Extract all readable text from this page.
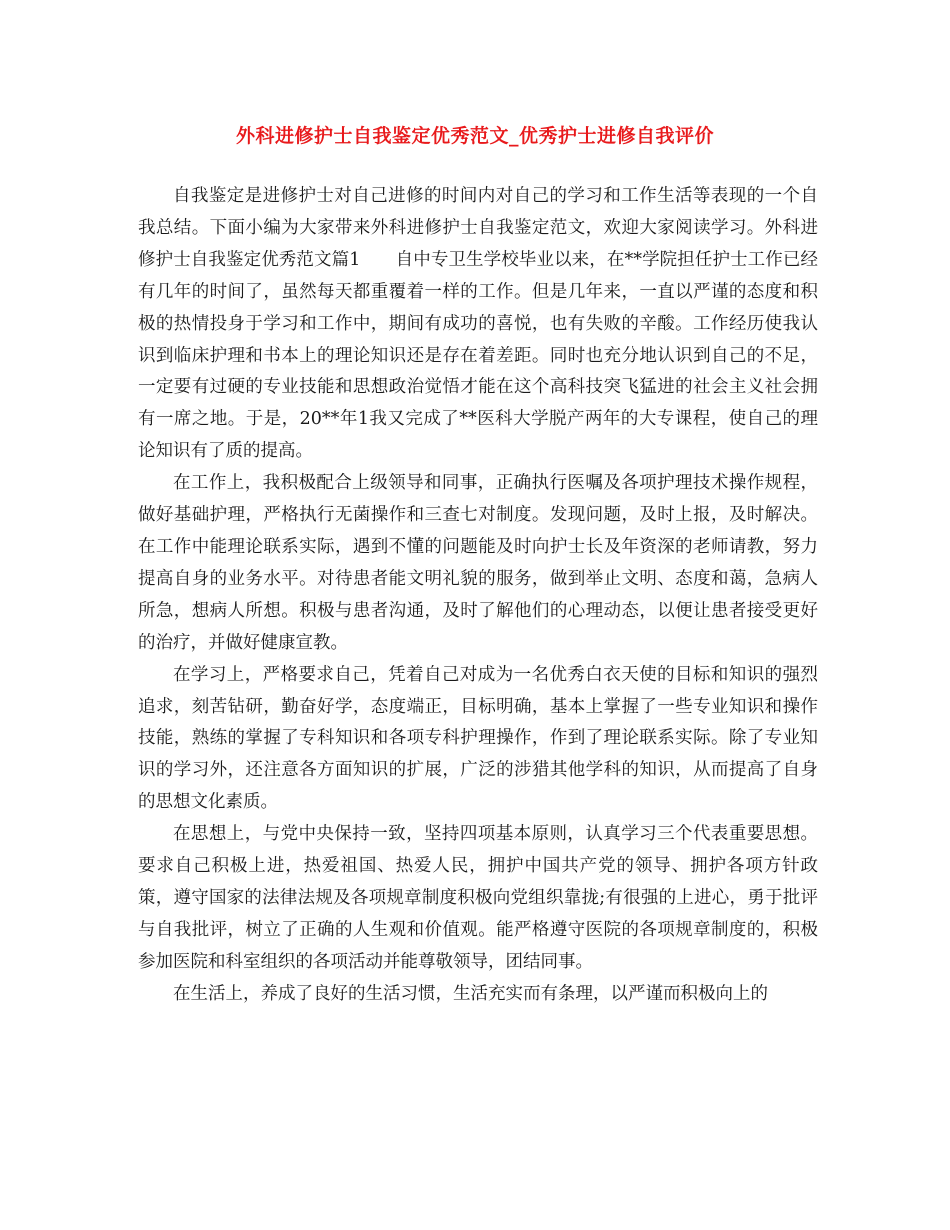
外科进修护士自我鉴定优秀范文_优秀护士进修自我评价

自我鉴定是进修护士对自己进修的时间内对自己的学习和工作生活等表现的一个自我总结。下面小编为大家带来外科进修护士自我鉴定范文，欢迎大家阅读学习。外科进修护士自我鉴定优秀范文篇1　　自中专卫生学校毕业以来，在**学院担任护士工作已经有几年的时间了，虽然每天都重覆着一样的工作。但是几年来，一直以严谨的态度和积极的热情投身于学习和工作中，期间有成功的喜悦，也有失败的辛酸。工作经历使我认识到临床护理和书本上的理论知识还是存在着差距。同时也充分地认识到自己的不足，一定要有过硬的专业技能和思想政治觉悟才能在这个高科技突飞猛进的社会主义社会拥有一席之地。于是，20**年1我又完成了**医科大学脱产两年的大专课程，使自己的理论知识有了质的提高。

在工作上，我积极配合上级领导和同事，正确执行医嘱及各项护理技术操作规程，做好基础护理，严格执行无菌操作和三查七对制度。发现问题，及时上报，及时解决。在工作中能理论联系实际，遇到不懂的问题能及时向护士长及年资深的老师请教，努力提高自身的业务水平。对待患者能文明礼貌的服务，做到举止文明、态度和蔼，急病人所急，想病人所想。积极与患者沟通，及时了解他们的心理动态，以便让患者接受更好的治疗，并做好健康宣教。

在学习上，严格要求自己，凭着自己对成为一名优秀白衣天使的目标和知识的强烈追求，刻苦钻研，勤奋好学，态度端正，目标明确，基本上掌握了一些专业知识和操作技能，熟练的掌握了专科知识和各项专科护理操作，作到了理论联系实际。除了专业知识的学习外，还注意各方面知识的扩展，广泛的涉猎其他学科的知识，从而提高了自身的思想文化素质。

在思想上，与党中央保持一致，坚持四项基本原则，认真学习三个代表重要思想。要求自己积极上进，热爱祖国、热爱人民，拥护中国共产党的领导、拥护各项方针政策，遵守国家的法律法规及各项规章制度积极向党组织靠拢;有很强的上进心，勇于批评与自我批评，树立了正确的人生观和价值观。能严格遵守医院的各项规章制度的，积极参加医院和科室组织的各项活动并能尊敬领导，团结同事。

在生活上，养成了良好的生活习惯，生活充实而有条理，以严谨而积极向上的
